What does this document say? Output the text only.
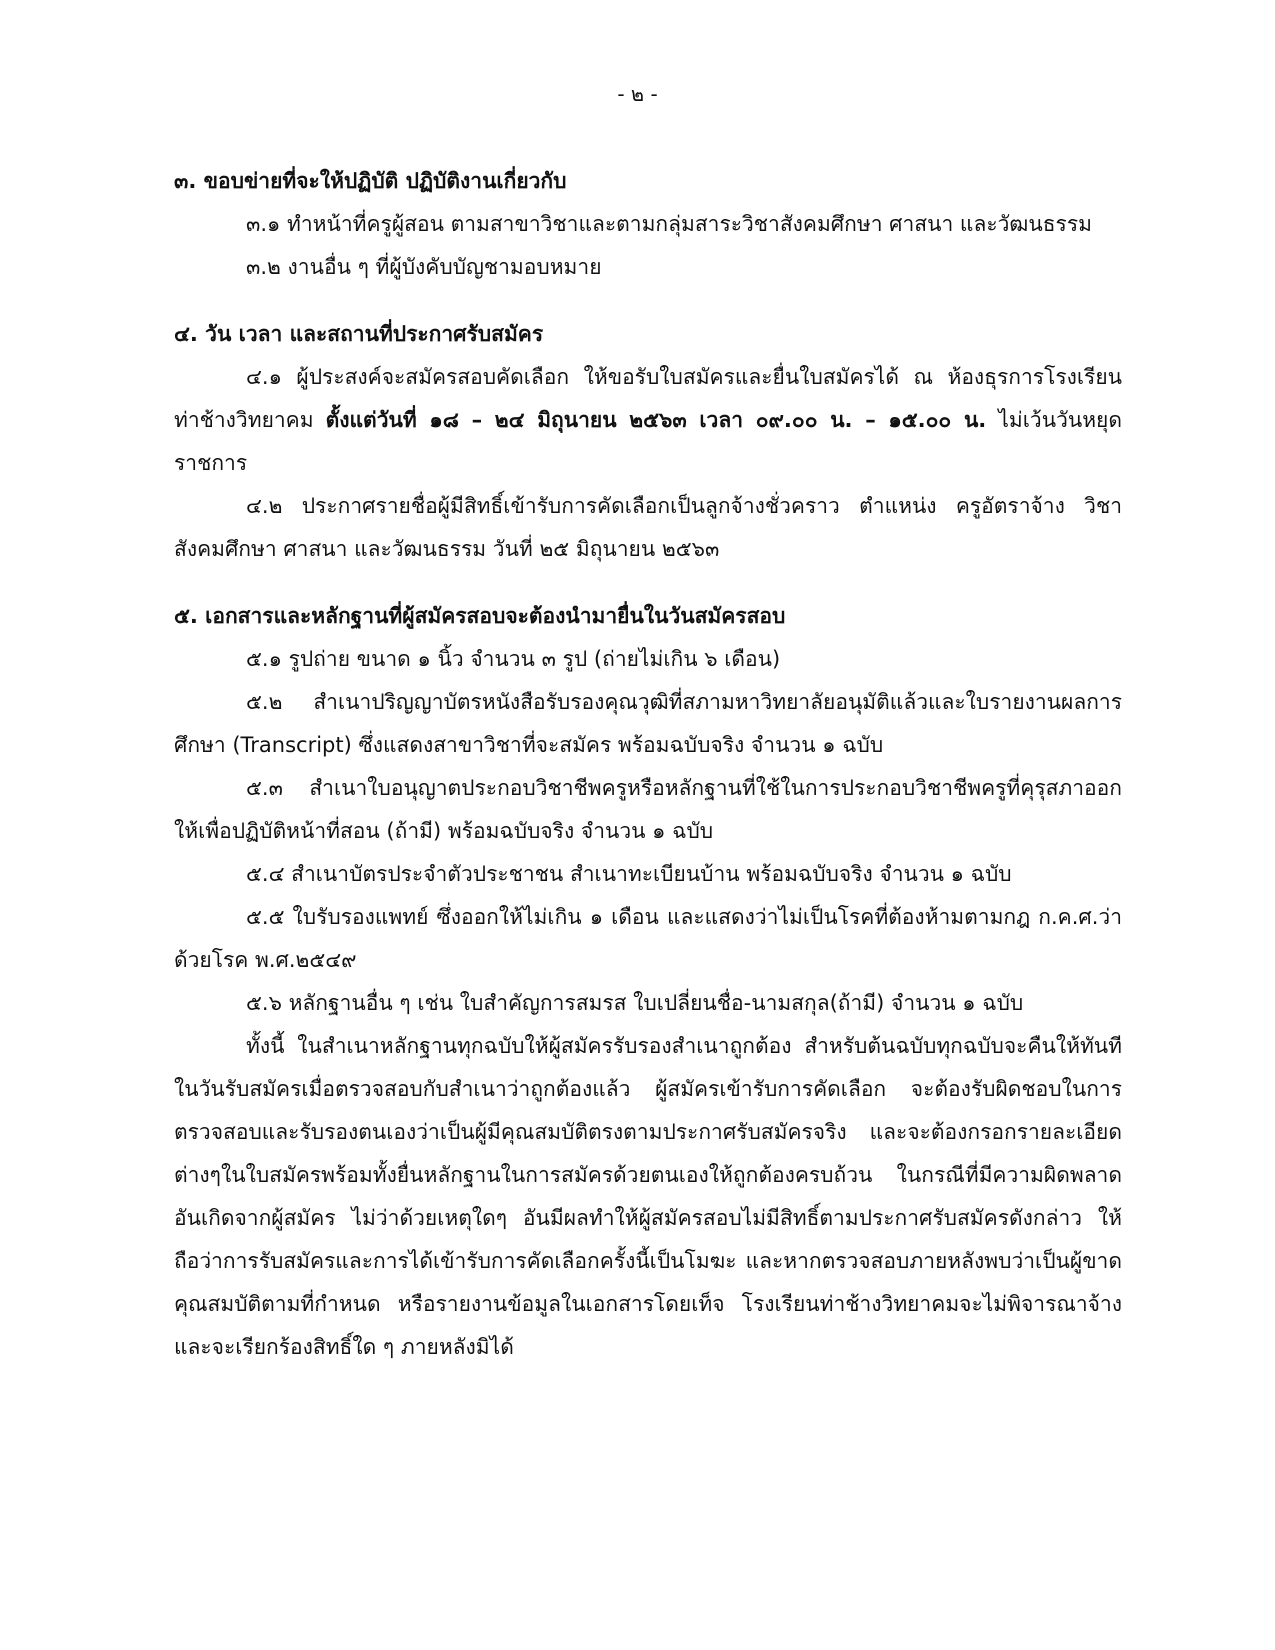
- ๒ -

๓. ขอบข่ายที่จะให้ปฏิบัติ ปฏิบัติงานเกี่ยวกับ

๓.๑ ทำหน้าที่ครูผู้สอน ตามสาขาวิชาและตามกลุ่มสาระวิชาสังคมศึกษา ศาสนา และวัฒนธรรม

๓.๒ งานอื่น ๆ ที่ผู้บังคับบัญชามอบหมาย

๔. วัน เวลา และสถานที่ประกาศรับสมัคร

๔.๑ ผู้ประสงค์จะสมัครสอบคัดเลือก ให้ขอรับใบสมัครและยื่นใบสมัครได้ ณ ห้องธุรการโรงเรียนท่าช้างวิทยาคม ตั้งแต่วันที่ ๑๘ – ๒๔ มิถุนายน ๒๕๖๓ เวลา ๐๙.๐๐ น. – ๑๕.๐๐ น. ไม่เว้นวันหยุดราชการ

๔.๒ ประกาศรายชื่อผู้มีสิทธิ์เข้ารับการคัดเลือกเป็นลูกจ้างชั่วคราว ตำแหน่ง ครูอัตราจ้าง วิชาสังคมศึกษา ศาสนา และวัฒนธรรม วันที่ ๒๕ มิถุนายน ๒๕๖๓

๕. เอกสารและหลักฐานที่ผู้สมัครสอบจะต้องนำมายื่นในวันสมัครสอบ

๕.๑ รูปถ่าย ขนาด ๑ นิ้ว จำนวน ๓ รูป (ถ่ายไม่เกิน ๖ เดือน)

๕.๒ สำเนาปริญญาบัตรหนังสือรับรองคุณวุฒิที่สภามหาวิทยาลัยอนุมัติแล้วและใบรายงานผลการศึกษา (Transcript) ซึ่งแสดงสาขาวิชาที่จะสมัคร พร้อมฉบับจริง จำนวน ๑ ฉบับ

๕.๓ สำเนาใบอนุญาตประกอบวิชาชีพครูหรือหลักฐานที่ใช้ในการประกอบวิชาชีพครูที่คุรุสภาออกให้เพื่อปฏิบัติหน้าที่สอน (ถ้ามี) พร้อมฉบับจริง จำนวน ๑ ฉบับ

๕.๔ สำเนาบัตรประจำตัวประชาชน สำเนาทะเบียนบ้าน พร้อมฉบับจริง จำนวน ๑ ฉบับ

๕.๕ ใบรับรองแพทย์ ซึ่งออกให้ไม่เกิน ๑ เดือน และแสดงว่าไม่เป็นโรคที่ต้องห้ามตามกฎ ก.ค.ศ.ว่าด้วยโรค พ.ศ.๒๕๔๙

๕.๖ หลักฐานอื่น ๆ เช่น ใบสำคัญการสมรส ใบเปลี่ยนชื่อ-นามสกุล(ถ้ามี) จำนวน ๑ ฉบับ

ทั้งนี้ ในสำเนาหลักฐานทุกฉบับให้ผู้สมัครรับรองสำเนาถูกต้อง สำหรับต้นฉบับทุกฉบับจะคืนให้ทันทีในวันรับสมัครเมื่อตรวจสอบกับสำเนาว่าถูกต้องแล้ว ผู้สมัครเข้ารับการคัดเลือก จะต้องรับผิดชอบในการตรวจสอบและรับรองตนเองว่าเป็นผู้มีคุณสมบัติตรงตามประกาศรับสมัครจริง และจะต้องกรอกรายละเอียดต่างๆในใบสมัครพร้อมทั้งยื่นหลักฐานในการสมัครด้วยตนเองให้ถูกต้องครบถ้วน ในกรณีที่มีความผิดพลาดอันเกิดจากผู้สมัคร ไม่ว่าด้วยเหตุใดๆ อันมีผลทำให้ผู้สมัครสอบไม่มีสิทธิ์ตามประกาศรับสมัครดังกล่าว ให้ถือว่าการรับสมัครและการได้เข้ารับการคัดเลือกครั้งนี้เป็นโมฆะ และหากตรวจสอบภายหลังพบว่าเป็นผู้ขาดคุณสมบัติตามที่กำหนด หรือรายงานข้อมูลในเอกสารโดยเท็จ โรงเรียนท่าช้างวิทยาคมจะไม่พิจารณาจ้าง และจะเรียกร้องสิทธิ์ใด ๆ ภายหลังมิได้
